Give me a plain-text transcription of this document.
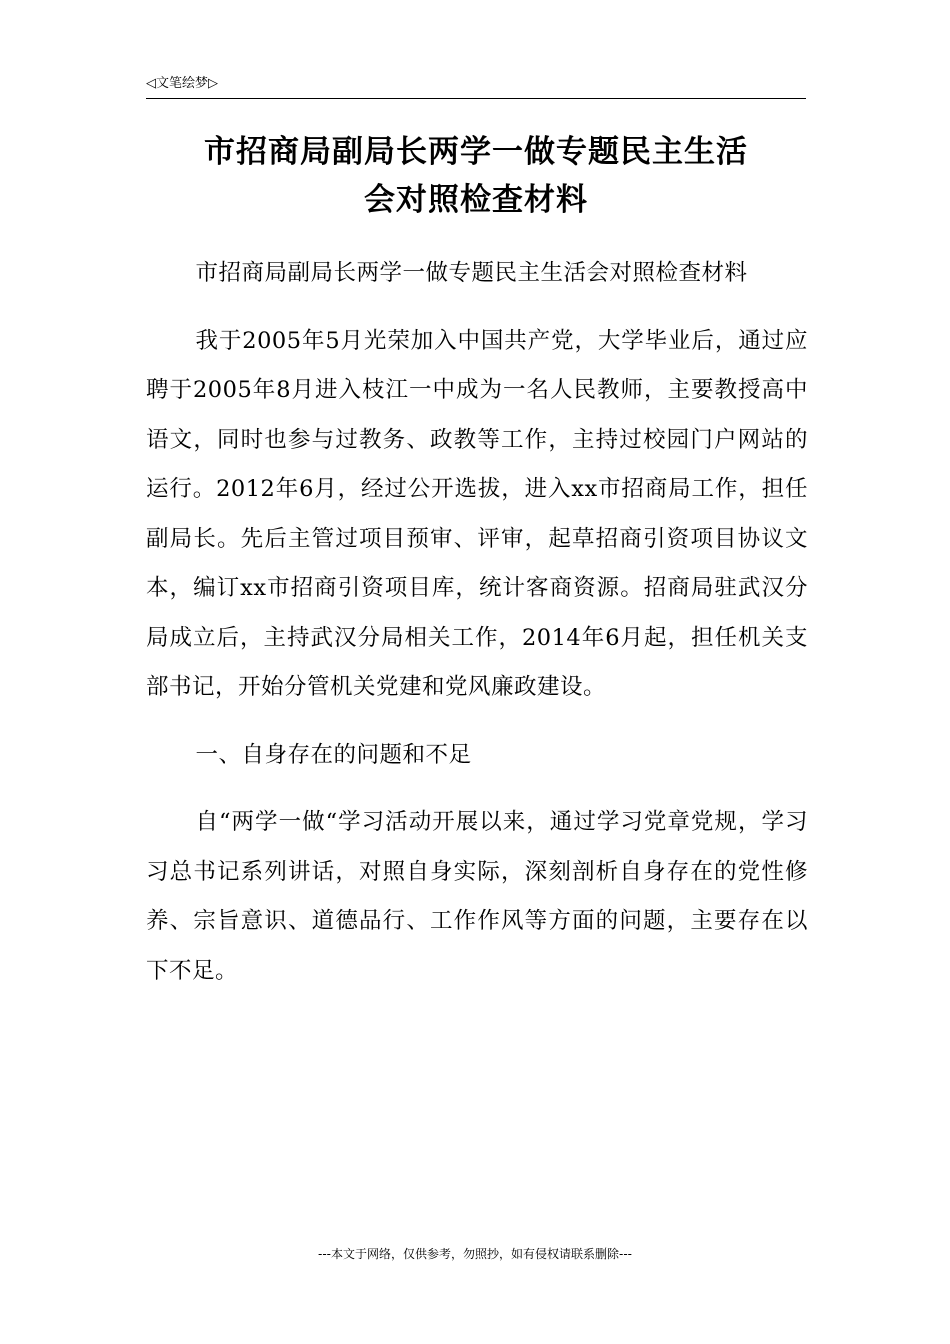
◁文笔绘梦▷
市招商局副局长两学一做专题民主生活
会对照检查材料

市招商局副局长两学一做专题民主生活会对照检查材料

我于2005年5月光荣加入中国共产党，大学毕业后，通过应聘于2005年8月进入枝江一中成为一名人民教师，主要教授高中语文，同时也参与过教务、政教等工作，主持过校园门户网站的运行。2012年6月，经过公开选拔，进入xx市招商局工作，担任副局长。先后主管过项目预审、评审，起草招商引资项目协议文本，编订xx市招商引资项目库，统计客商资源。招商局驻武汉分局成立后，主持武汉分局相关工作，2014年6月起，担任机关支部书记，开始分管机关党建和党风廉政建设。

一、自身存在的问题和不足

自“两学一做“学习活动开展以来，通过学习党章党规，学习习总书记系列讲话，对照自身实际，深刻剖析自身存在的党性修养、宗旨意识、道德品行、工作作风等方面的问题，主要存在以下不足。

---本文于网络，仅供参考，勿照抄，如有侵权请联系删除---
